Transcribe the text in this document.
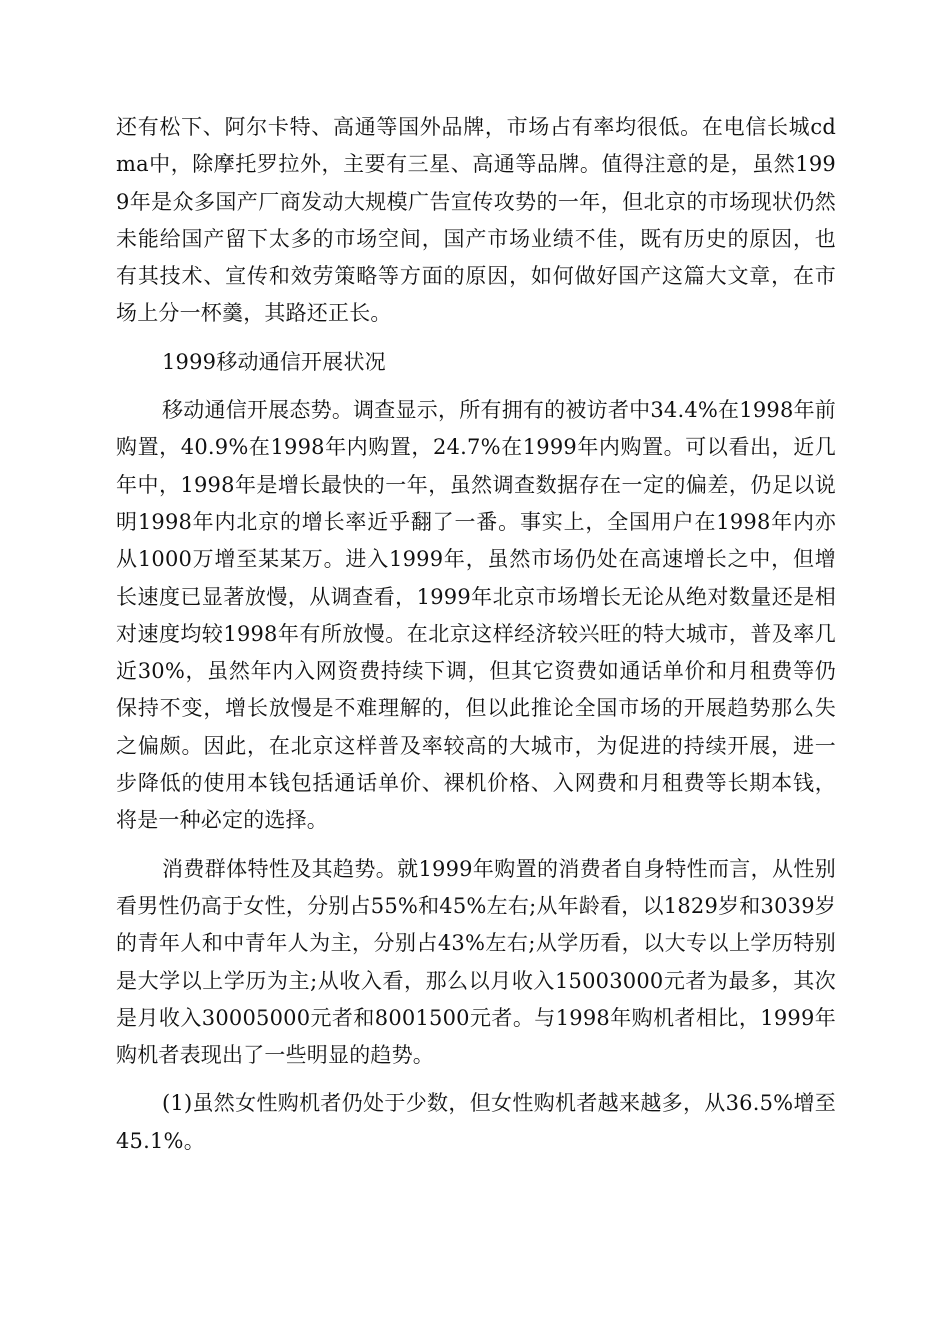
还有松下、阿尔卡特、高通等国外品牌，市场占有率均很低。在电信长城cdma中，除摩托罗拉外，主要有三星、高通等品牌。值得注意的是，虽然1999年是众多国产厂商发动大规模广告宣传攻势的一年，但北京的市场现状仍然未能给国产留下太多的市场空间，国产市场业绩不佳，既有历史的原因，也有其技术、宣传和效劳策略等方面的原因，如何做好国产这篇大文章，在市场上分一杯羹，其路还正长。

1999移动通信开展状况

移动通信开展态势。调查显示，所有拥有的被访者中34.4%在1998年前购置，40.9%在1998年内购置，24.7%在1999年内购置。可以看出，近几年中，1998年是增长最快的一年，虽然调查数据存在一定的偏差，仍足以说明1998年内北京的增长率近乎翻了一番。事实上，全国用户在1998年内亦从1000万增至某某万。进入1999年，虽然市场仍处在高速增长之中，但增长速度已显著放慢，从调查看，1999年北京市场增长无论从绝对数量还是相对速度均较1998年有所放慢。在北京这样经济较兴旺的特大城市，普及率几近30%，虽然年内入网资费持续下调，但其它资费如通话单价和月租费等仍保持不变，增长放慢是不难理解的，但以此推论全国市场的开展趋势那么失之偏颇。因此，在北京这样普及率较高的大城市，为促进的持续开展，进一步降低的使用本钱包括通话单价、裸机价格、入网费和月租费等长期本钱，将是一种必定的选择。

消费群体特性及其趋势。就1999年购置的消费者自身特性而言，从性别看男性仍高于女性，分别占55%和45%左右;从年龄看，以1829岁和3039岁的青年人和中青年人为主，分别占43%左右;从学历看，以大专以上学历特别是大学以上学历为主;从收入看，那么以月收入15003000元者为最多，其次是月收入30005000元者和8001500元者。与1998年购机者相比，1999年购机者表现出了一些明显的趋势。

(1)虽然女性购机者仍处于少数，但女性购机者越来越多，从36.5%增至45.1%。
